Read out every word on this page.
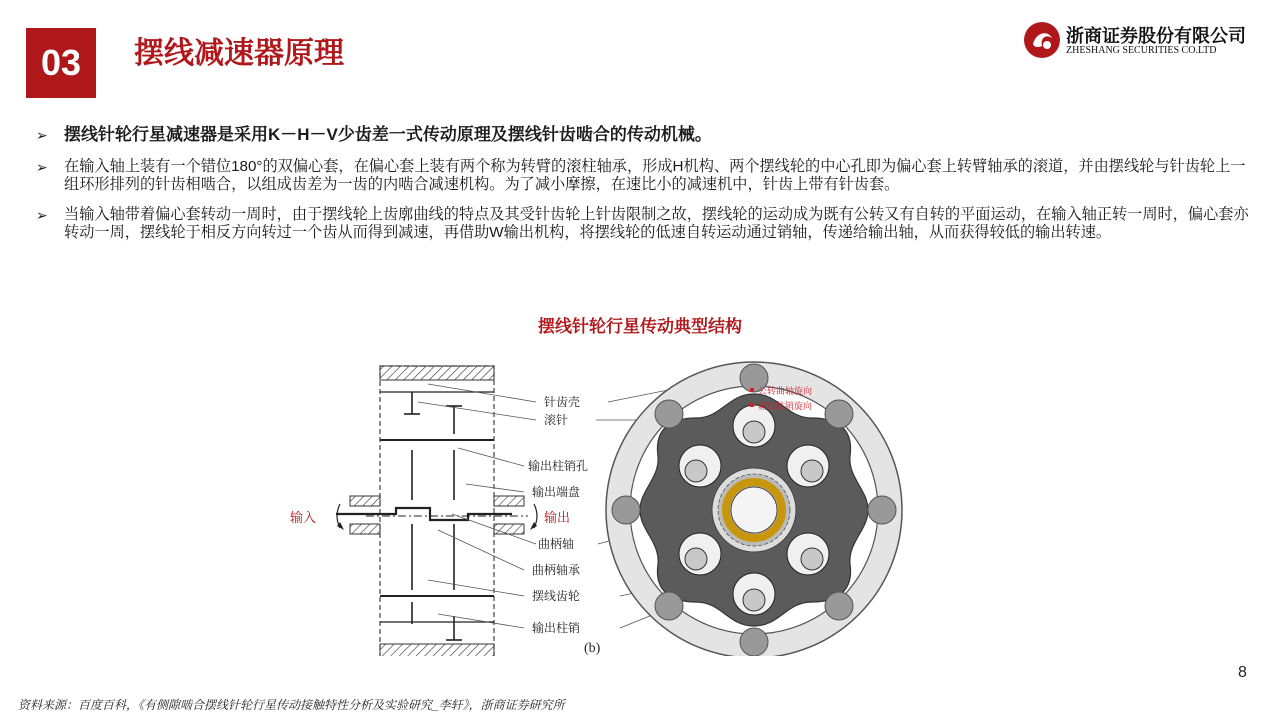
03	摆线减速器原理	浙商证券股份有限公司
ZHESHANG SECURITIES CO.LTD
➢ 摆线针轮行星减速器是采用K－H－V少齿差一式传动原理及摆线针齿啮合的传动机械。
➢ 在输入轴上装有一个错位180°的双偏心套，在偏心套上装有两个称为转臂的滚柱轴承，形成H机构、两个摆线轮的中心孔即为偏心套上转臂轴承的滚道，并由摆线轮与针齿轮上一组环形排列的针齿相啮合，以组成齿差为一齿的内啮合减速机构。为了减小摩擦，在速比小的减速机中，针齿上带有针齿套。
➢ 当输入轴带着偏心套转动一周时，由于摆线轮上齿廓曲线的特点及其受针齿轮上针齿限制之故，摆线轮的运动成为既有公转又有自转的平面运动，在输入轴正转一周时，偏心套亦转动一周，摆线轮于相反方向转过一个齿从而得到减速，再借助W输出机构，将摆线轮的低速自转运动通过销轴，传递给输出轴，从而获得较低的输出转速。
摆线针轮行星传动典型结构
输入	输出
针齿壳
滚针
输出柱销孔
输出端盘
曲柄轴
曲柄轴承
摆线齿轮
输出柱销
公转曲轴旋向
输出柱销旋向
(b)
8
资料来源：百度百科，《有侧隙啮合摆线针轮行星传动接触特性分析及实验研究_李轩》，浙商证券研究所
